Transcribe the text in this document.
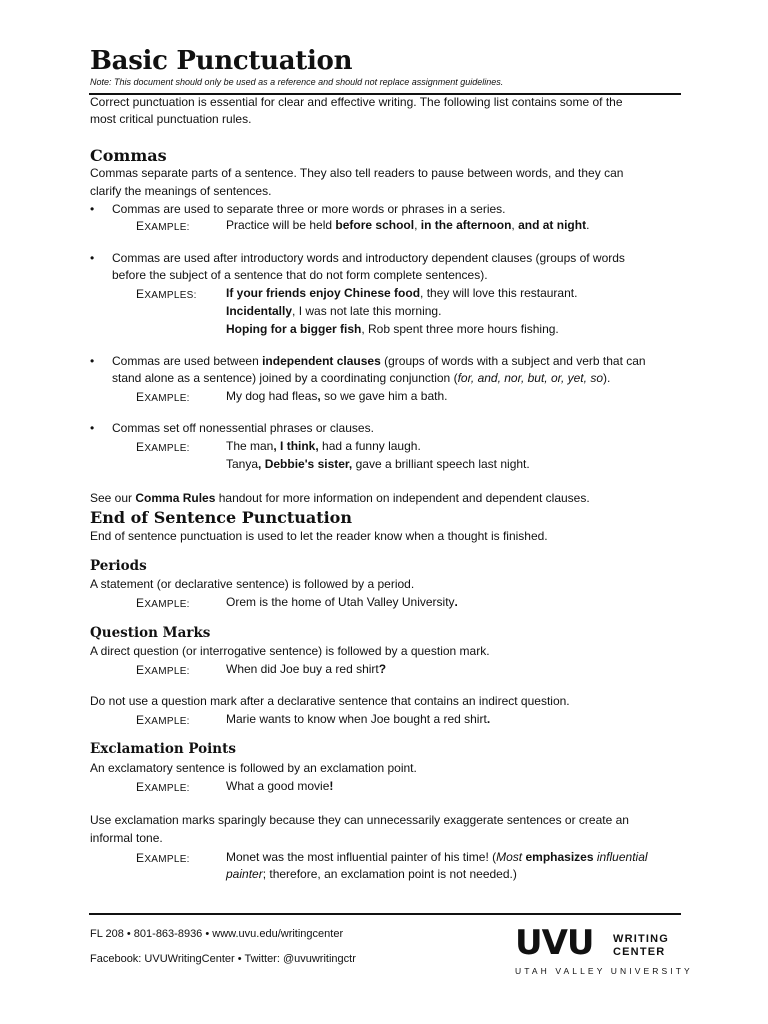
Basic Punctuation
Note: This document should only be used as a reference and should not replace assignment guidelines.
Correct punctuation is essential for clear and effective writing. The following list contains some of the
most critical punctuation rules.
Commas
Commas separate parts of a sentence. They also tell readers to pause between words, and they can
clarify the meanings of sentences.
• Commas are used to separate three or more words or phrases in a series.
EXAMPLE:	Practice will be held before school, in the afternoon, and at night.
• Commas are used after introductory words and introductory dependent clauses (groups of words
before the subject of a sentence that do not form complete sentences).
EXAMPLES: If your friends enjoy Chinese food, they will love this restaurant.
Incidentally, I was not late this morning.
Hoping for a bigger fish, Rob spent three more hours fishing.
• Commas are used between independent clauses (groups of words with a subject and verb that can
stand alone as a sentence) joined by a coordinating conjunction (for, and, nor, but, or, yet, so).
EXAMPLE:	My dog had fleas, so we gave him a bath.
• Commas set off nonessential phrases or clauses.
EXAMPLE:	The man, I think, had a funny laugh.
Tanya, Debbie's sister, gave a brilliant speech last night.
See our Comma Rules handout for more information on independent and dependent clauses.
End of Sentence Punctuation
End of sentence punctuation is used to let the reader know when a thought is finished.
Periods
A statement (or declarative sentence) is followed by a period.
EXAMPLE:	Orem is the home of Utah Valley University.
Question Marks
A direct question (or interrogative sentence) is followed by a question mark.
EXAMPLE:	When did Joe buy a red shirt?
Do not use a question mark after a declarative sentence that contains an indirect question.
EXAMPLE:	Marie wants to know when Joe bought a red shirt.
Exclamation Points
An exclamatory sentence is followed by an exclamation point.
EXAMPLE:	What a good movie!
Use exclamation marks sparingly because they can unnecessarily exaggerate sentences or create an
informal tone.
EXAMPLE:	Monet was the most influential painter of his time! (Most emphasizes influential
painter; therefore, an exclamation point is not needed.)
FL 208 • 801-863-8936 • www.uvu.edu/writingcenter
Facebook: UVUWritingCenter • Twitter: @uvuwritingctr	UVU WRITING
CENTER
UTAH VALLEY UNIVERSITY
